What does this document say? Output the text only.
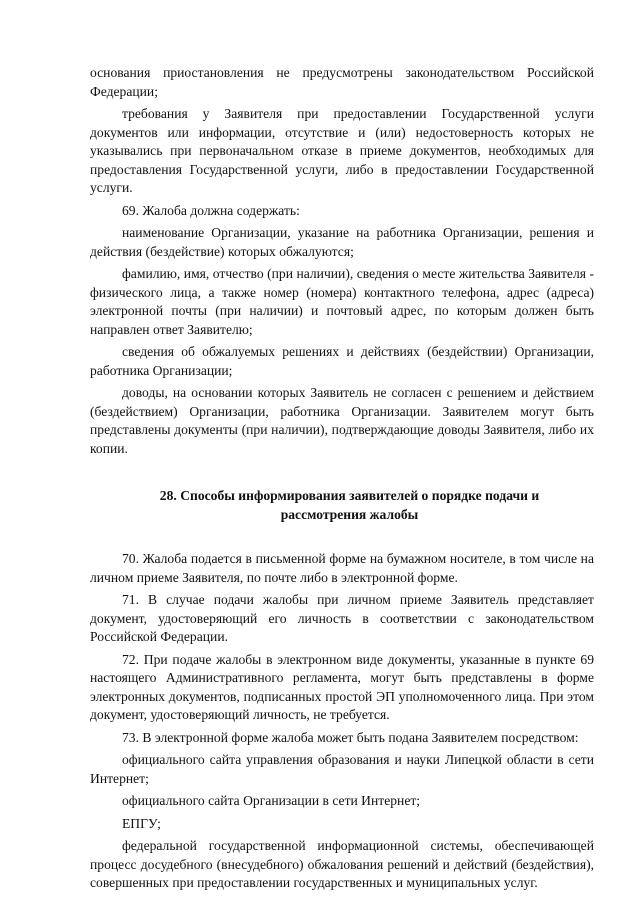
основания приостановления не предусмотрены законодательством Российской Федерации;

требования у Заявителя при предоставлении Государственной услуги документов или информации, отсутствие и (или) недостоверность которых не указывались при первоначальном отказе в приеме документов, необходимых для предоставления Государственной услуги, либо в предоставлении Государственной услуги.

69. Жалоба должна содержать:

наименование Организации, указание на работника Организации, решения и действия (бездействие) которых обжалуются;

фамилию, имя, отчество (при наличии), сведения о месте жительства Заявителя - физического лица, а также номер (номера) контактного телефона, адрес (адреса) электронной почты (при наличии) и почтовый адрес, по которым должен быть направлен ответ Заявителю;

сведения об обжалуемых решениях и действиях (бездействии) Организации, работника Организации;

доводы, на основании которых Заявитель не согласен с решением и действием (бездействием) Организации, работника Организации. Заявителем могут быть представлены документы (при наличии), подтверждающие доводы Заявителя, либо их копии.

28. Способы информирования заявителей о порядке подачи и
рассмотрения жалобы

70. Жалоба подается в письменной форме на бумажном носителе, в том числе на личном приеме Заявителя, по почте либо в электронной форме.

71. В случае подачи жалобы при личном приеме Заявитель представляет документ, удостоверяющий его личность в соответствии с законодательством Российской Федерации.

72. При подаче жалобы в электронном виде документы, указанные в пункте 69 настоящего Административного регламента, могут быть представлены в форме электронных документов, подписанных простой ЭП уполномоченного лица. При этом документ, удостоверяющий личность, не требуется.

73. В электронной форме жалоба может быть подана Заявителем посредством:

официального сайта управления образования и науки Липецкой области в сети Интернет;

официального сайта Организации в сети Интернет;

ЕПГУ;

федеральной государственной информационной системы, обеспечивающей процесс досудебного (внесудебного) обжалования решений и действий (бездействия), совершенных при предоставлении государственных и муниципальных услуг.
